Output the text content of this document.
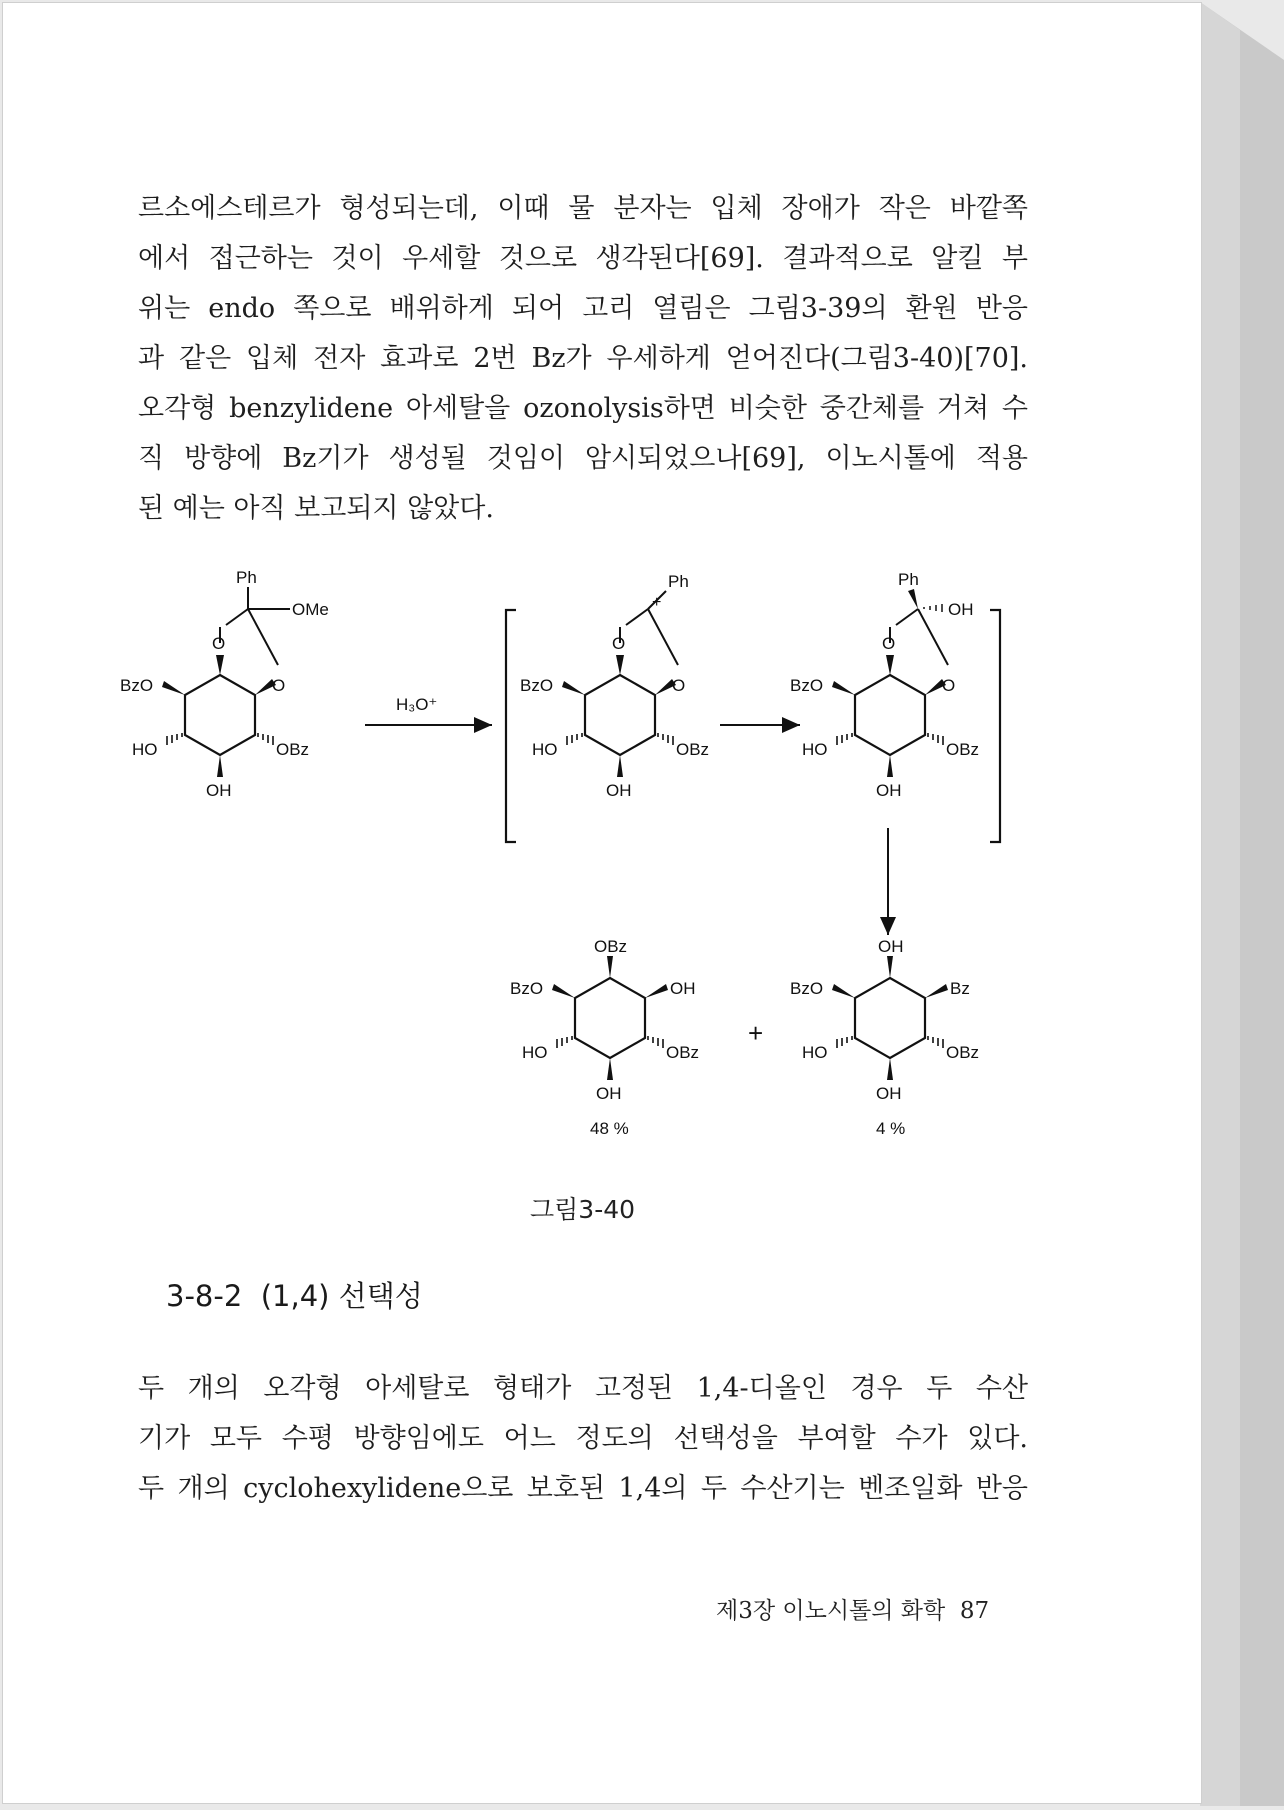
르소에스테르가 형성되는데, 이때 물 분자는 입체 장애가 작은 바깥쪽
에서 접근하는 것이 우세할 것으로 생각된다[69]. 결과적으로 알킬 부
위는 endo 쪽으로 배위하게 되어 고리 열림은 그림3-39의 환원 반응
과 같은 입체 전자 효과로 2번 Bz가 우세하게 얻어진다(그림3-40)[70].
오각형 benzylidene 아세탈을 ozonolysis하면 비슷한 중간체를 거쳐 수
직 방향에 Bz기가 생성될 것임이 암시되었으나[69], 이노시톨에 적용
된 예는 아직 보고되지 않았다.
Ph
OMe
O
O
BzO
HO	OBz
OH
H₃O⁺
Ph
+
O
O
BzO
HO	OBz
OH
Ph
OH
O
O
BzO
HO	OBz
OH
OBz
OH
BzO
HO	OBz
OH
48 %
+
OH
Bz
BzO
HO	OBz
OH
4 %
그림3-40
3-8-2  (1,4) 선택성
두 개의 오각형 아세탈로 형태가 고정된 1,4-디올인 경우 두 수산
기가 모두 수평 방향임에도 어느 정도의 선택성을 부여할 수가 있다.
두 개의 cyclohexylidene으로 보호된 1,4의 두 수산기는 벤조일화 반응
제3장 이노시톨의 화학 87
